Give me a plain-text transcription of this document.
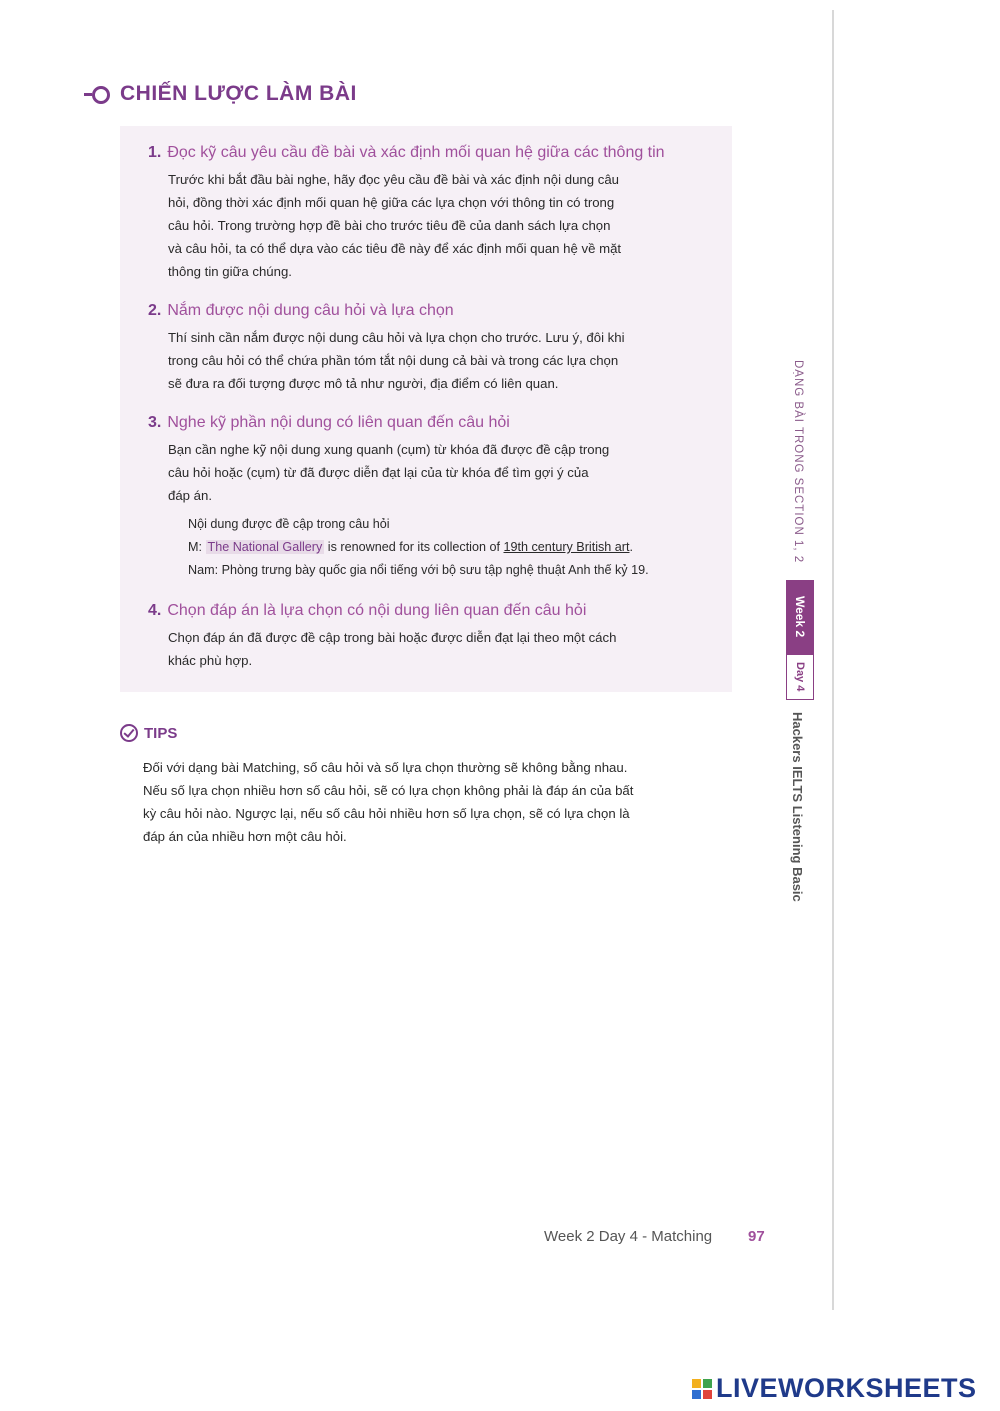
CHIẾN LƯỢC LÀM BÀI
1. Đọc kỹ câu yêu cầu đề bài và xác định mối quan hệ giữa các thông tin
Trước khi bắt đầu bài nghe, hãy đọc yêu cầu đề bài và xác định nội dung câu
hỏi, đồng thời xác định mối quan hệ giữa các lựa chọn với thông tin có trong
câu hỏi. Trong trường hợp đề bài cho trước tiêu đề của danh sách lựa chọn
và câu hỏi, ta có thể dựa vào các tiêu đề này để xác định mối quan hệ về mặt
thông tin giữa chúng.
2. Nắm được nội dung câu hỏi và lựa chọn
Thí sinh cần nắm được nội dung câu hỏi và lựa chọn cho trước. Lưu ý, đôi khi
trong câu hỏi có thể chứa phần tóm tắt nội dung cả bài và trong các lựa chọn
sẽ đưa ra đối tượng được mô tả như người, địa điểm có liên quan.
3. Nghe kỹ phần nội dung có liên quan đến câu hỏi
Bạn cần nghe kỹ nội dung xung quanh (cụm) từ khóa đã được đề cập trong
câu hỏi hoặc (cụm) từ đã được diễn đạt lại của từ khóa để tìm gợi ý của
đáp án.
Nội dung được đề cập trong câu hỏi
M: The National Gallery is renowned for its collection of 19th century British art.
Nam: Phòng trưng bày quốc gia nổi tiếng với bộ sưu tập nghệ thuật Anh thế kỷ 19.
4. Chọn đáp án là lựa chọn có nội dung liên quan đến câu hỏi
Chọn đáp án đã được đề cập trong bài hoặc được diễn đạt lại theo một cách
khác phù hợp.
TIPS
Đối với dạng bài Matching, số câu hỏi và số lựa chọn thường sẽ không bằng nhau.
Nếu số lựa chọn nhiều hơn số câu hỏi, sẽ có lựa chọn không phải là đáp án của bất
kỳ câu hỏi nào. Ngược lại, nếu số câu hỏi nhiều hơn số lựa chọn, sẽ có lựa chọn là
đáp án của nhiều hơn một câu hỏi.
DẠNG BÀI TRONG SECTION 1, 2
Week 2
Day 4
Hackers IELTS Listening Basic
Week 2 Day 4 - Matching 97
LIVEWORKSHEETS
